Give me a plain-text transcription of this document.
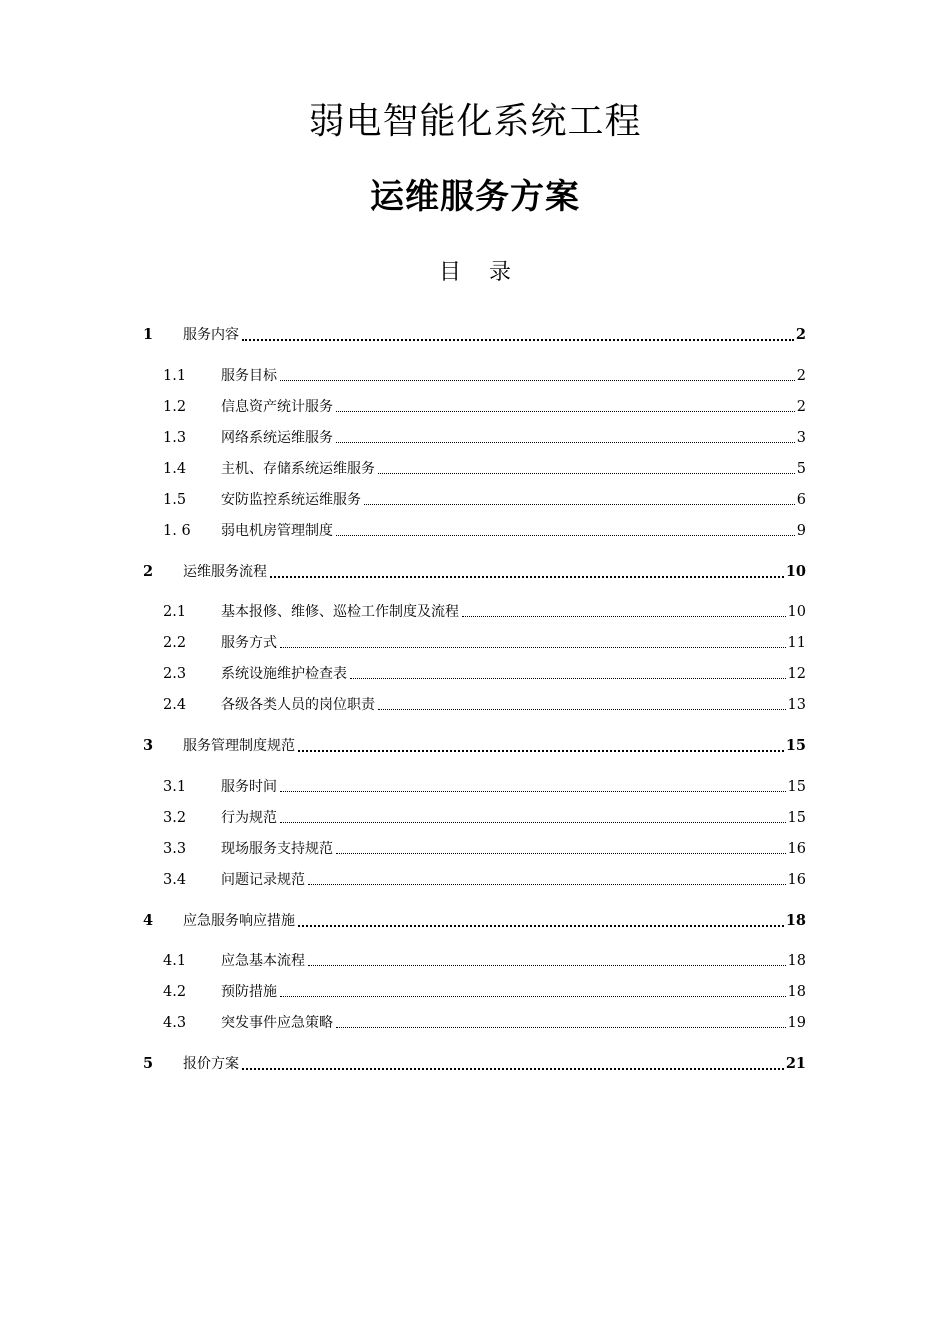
弱电智能化系统工程
运维服务方案
目录
1 服务内容	2
1.1 服务目标	2
1.2 信息资产统计服务	2
1.3 网络系统运维服务	3
1.4 主机、存储系统运维服务	5
1.5 安防监控系统运维服务	6
1. 6 弱电机房管理制度	9
2 运维服务流程	10
2.1 基本报修、维修、巡检工作制度及流程	10
2.2 服务方式	11
2.3 系统设施维护检查表	12
2.4 各级各类人员的岗位职责	13
3 服务管理制度规范	15
3.1 服务时间	15
3.2 行为规范	15
3.3 现场服务支持规范	16
3.4 问题记录规范	16
4 应急服务响应措施	18
4.1 应急基本流程	18
4.2 预防措施	18
4.3 突发事件应急策略	19
5 报价方案	21
